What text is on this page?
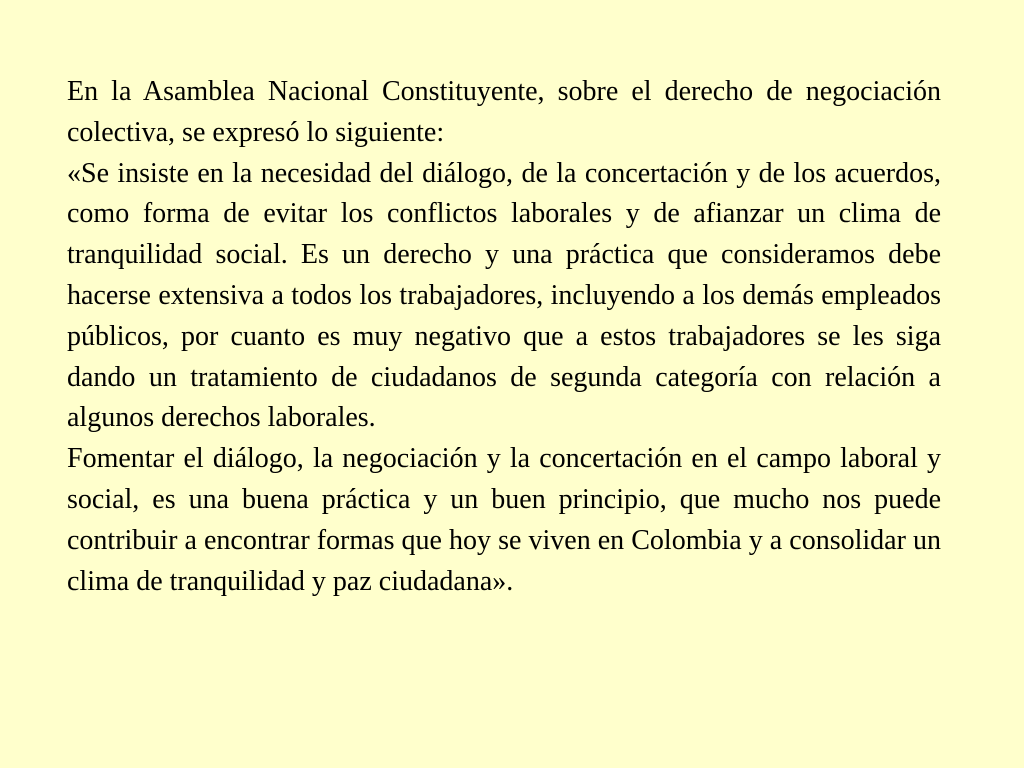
En la Asamblea Nacional Constituyente, sobre el derecho de negociación colectiva, se expresó lo siguiente:

«Se insiste en la necesidad del diálogo, de la concertación y de los acuerdos, como forma de evitar los conflictos laborales y de afianzar un clima de tranquilidad social. Es un derecho y una práctica que consideramos debe hacerse extensiva a todos los trabajadores, incluyendo a los demás empleados públicos, por cuanto es muy negativo que a estos trabajadores se les siga dando un tratamiento de ciudadanos de segunda categoría con relación a algunos derechos laborales.

Fomentar el diálogo, la negociación y la concertación en el campo laboral y social, es una buena práctica y un buen principio, que mucho nos puede contribuir a encontrar formas que hoy se viven en Colombia y a consolidar un clima de tranquilidad y paz ciudadana».
